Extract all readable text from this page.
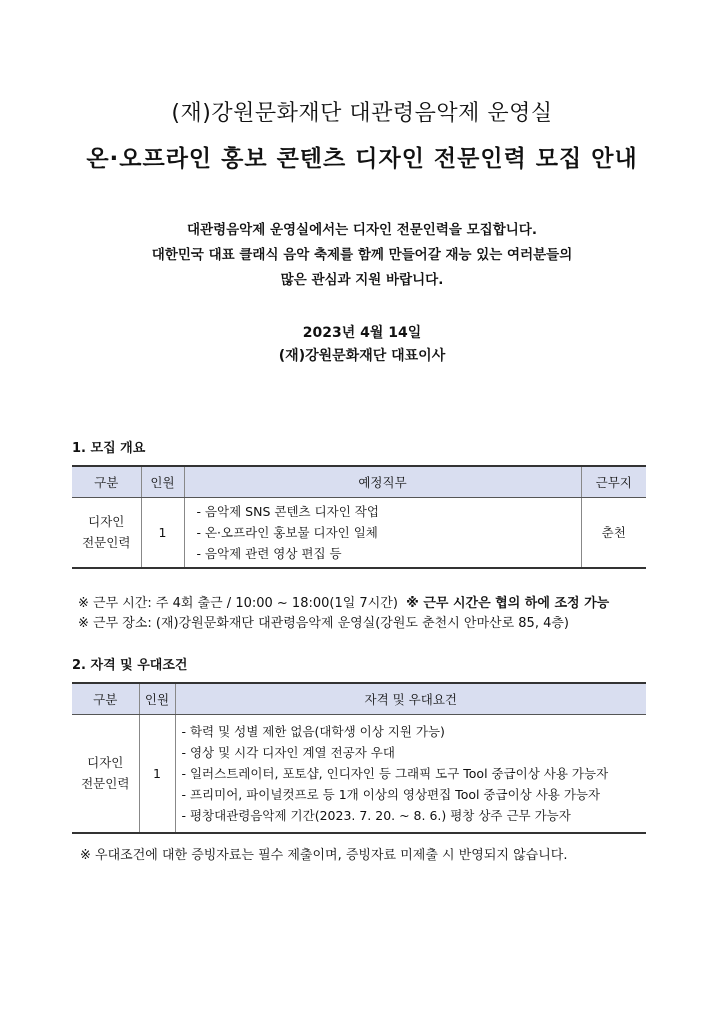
(재)강원문화재단 대관령음악제 운영실
온·오프라인 홍보 콘텐츠 디자인 전문인력 모집 안내
대관령음악제 운영실에서는 디자인 전문인력을 모집합니다.
대한민국 대표 클래식 음악 축제를 함께 만들어갈 재능 있는 여러분들의
많은 관심과 지원 바랍니다.
2023년 4월 14일
(재)강원문화재단 대표이사
1. 모집 개요
구분	인원	예정직무	근무지

디자인
전문인력	1	- 음악제 SNS 콘텐츠 디자인 작업
- 온·오프라인 홍보물 디자인 일체
- 음악제 관련 영상 편집 등	춘천
※ 근무 시간: 주 4회 출근 / 10:00 ~ 18:00(1일 7시간) ※ 근무 시간은 협의 하에 조정 가능
※ 근무 장소: (재)강원문화재단 대관령음악제 운영실(강원도 춘천시 안마산로 85, 4층)
2. 자격 및 우대조건
구분	인원	자격 및 우대요건

디자인
전문인력	1	- 학력 및 성별 제한 없음(대학생 이상 지원 가능)
- 영상 및 시각 디자인 계열 전공자 우대
- 일러스트레이터, 포토샵, 인디자인 등 그래픽 도구 Tool 중급이상 사용 가능자
- 프리미어, 파이널컷프로 등 1개 이상의 영상편집 Tool 중급이상 사용 가능자
- 평창대관령음악제 기간(2023. 7. 20. ~ 8. 6.) 평창 상주 근무 가능자
※ 우대조건에 대한 증빙자료는 필수 제출이며, 증빙자료 미제출 시 반영되지 않습니다.
